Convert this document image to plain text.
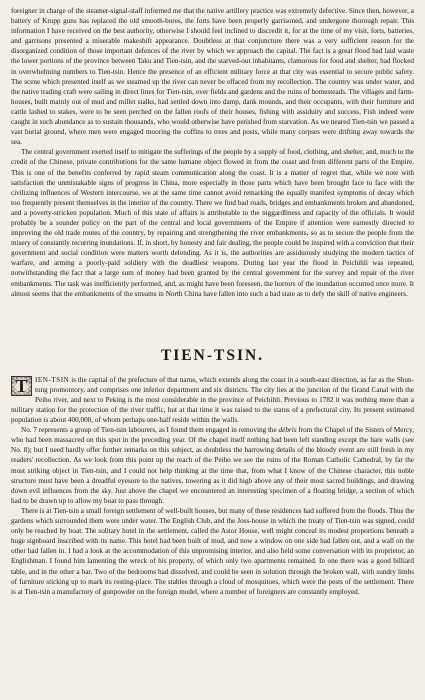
foreigner in charge of the steamer-signal-staff informed me that the native artillery practice was extremely defective. Since then, however, a battery of Krupp guns has replaced the old smooth-bores, the forts have been properly garrisoned, and undergone thorough repair. This information I have received on the best authority, otherwise I should feel inclined to discredit it, for at the time of my visit, forts, batteries, and garrisons presented a miserable makeshift appearance. Doubtless at that conjuncture there was a very sufficient reason for the disorganized condition of those important defences of the river by which we approach the capital. The fact is a great flood had laid waste the lower portions of the province between Taku and Tien-tsin, and the starved-out inhabitants, clamorous for food and shelter, had flocked in overwhelming numbers to Tien-tsin. Hence the presence of an efficient military force at that city was essential to secure public safety. The scene which presented itself as we steamed up the river can never be effaced from my recollection. The country was under water, and the native trading craft were sailing in direct lines for Tien-tsin, over fields and gardens and the ruins of homesteads. The villages and farm-houses, built mainly out of mud and millet stalks, had settled down into damp, dank mounds, and their occupants, with their furniture and cattle lashed to stakes, were to be seen perched on the fallen roofs of their houses, fishing with assiduity and success. Fish indeed were caught in such abundance as to sustain thousands, who would otherwise have perished from starvation. As we neared Tien-tsin we passed a vast burial ground, where men were engaged mooring the coffins to trees and posts, while many corpses were drifting away towards the sea.

The central government exerted itself to mitigate the sufferings of the people by a supply of food, clothing, and shelter, and, much to the credit of the Chinese, private contributions for the same humane object flowed in from the coast and from different parts of the Empire. This is one of the benefits conferred by rapid steam communication along the coast. It is a matter of regret that, while we note with satisfaction the unmistakable signs of progress in China, more especially in those parts which have been brought face to face with the civilizing influences of Western intercourse, we at the same time cannot avoid remarking the equally manifest symptoms of decay which too frequently present themselves in the interior of the country. There we find bad roads, bridges and embankments broken and abandoned, and a poverty-stricken population. Much of this state of affairs is attributable to the niggardliness and rapacity of the officials. It would probably be a sounder policy on the part of the central and local governments of the Empire if attention were earnestly directed to improving the old trade routes of the country, by repairing and strengthening the river embankments, so as to secure the people from the misery of constantly recurring inundations. If, in short, by honesty and fair dealing, the people could be inspired with a conviction that their government and social condition were matters worth defending. As it is, the authorities are assiduously studying the modern tactics of warfare, and arming a poorly-paid soldiery with the deadliest weapons. During last year the flood in Peichihli was repeated, notwithstanding the fact that a large sum of money had been granted by the central government for the survey and repair of the river embankments. The task was inefficiently performed, and, as might have been foreseen, the horrors of the inundation occurred once more. It almost seems that the embankments of the streams in North China have fallen into such a bad state as to defy the skill of native engineers.

TIEN-TSIN.

T	IEN-TSIN is the capital of the prefecture of that name, which extends along the coast in a south-east direction, as far as the Shun-tung promontory, and comprises one inferior department and six districts. The city lies at the junction of the Grand Canal with the Peiho river, and next to Peking is the most considerable in the province of Peichihli. Previous to 1782 it was nothing more than a military station for the protection of the river traffic, but at that time it was raised to the status of a prefectural city. Its present estimated population is about 400,000, of whom perhaps one-half reside within the walls.

No. 7 represents a group of Tien-tsin labourers, as I found them engaged in removing the débris from the Chapel of the Sisters of Mercy, who had been massacred on this spot in the preceding year. Of the chapel itself nothing had been left standing except the bare walls (see No. 8); but I need hardly offer further remarks on this subject, as doubtless the harrowing details of the bloody event are still fresh in my readers' recollection. As we look from this point up the reach of the Peiho we see the ruins of the Roman Catholic Cathedral, by far the most striking object in Tien-tsin, and I could not help thinking at the time that, from what I know of the Chinese character, this noble structure must have been a dreadful eyesore to the natives, towering as it did high above any of their most sacred buildings, and drawing down evil influences from the sky. Just above the chapel we encountered an interesting specimen of a floating bridge, a section of which had to be drawn up to allow my boat to pass through.

There is at Tien-tsin a small foreign settlement of well-built houses, but many of these residences had suffered from the floods. Thus the gardens which surrounded them were under water. The English Club, and the Joss-house in which the treaty of Tien-tsin was signed, could only be reached by boat. The solitary hotel in the settlement, called the Astor House, well might conceal its modest proportions beneath a huge signboard inscribed with its name. This hotel had been built of mud, and now a window on one side had fallen out, and a wall on the other had fallen in. I had a look at the accommodation of this unpromising interior, and also held some conversation with its proprietor, an Englishman. I found him lamenting the wreck of his property, of which only two apartments remained. In one there was a good billiard table, and in the other a bar. Two of the bedrooms had dissolved, and could be seen in solution through the broken wall, with sundry limbs of furniture sticking up to mark its resting-place. The stables through a cloud of mosquitoes, which were the pests of the settlement. There is at Tien-tsin a manufactory of gunpowder on the foreign model, where a number of foreigners are constantly employed.
